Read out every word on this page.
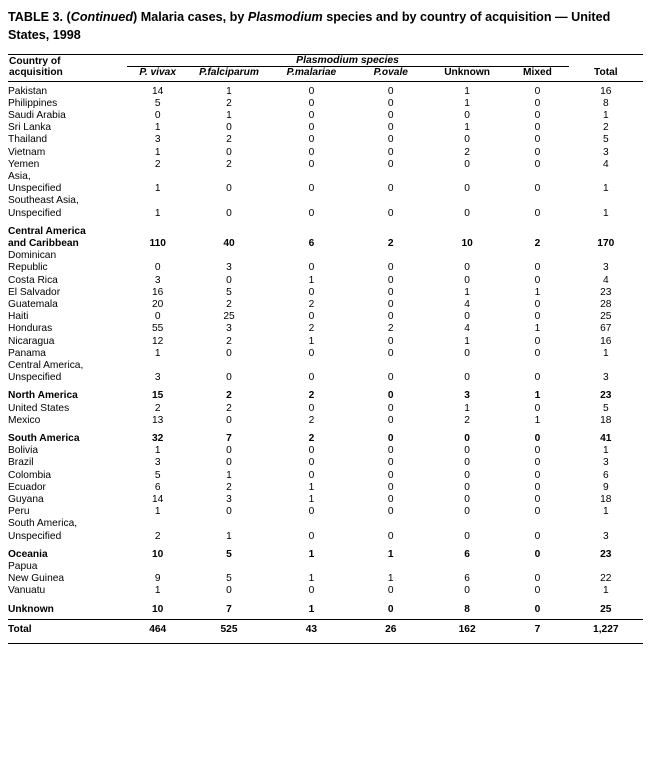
TABLE 3. (Continued) Malaria cases, by Plasmodium species and by country of acquisition — United States, 1998

Country of
acquisition	Plasmodium species						Total
	P. vivax	P.falciparum	P.malariae	P.ovale	Unknown	Mixed	

Pakistan	14	1	0	0	1	0	16
Philippines	5	2	0	0	1	0	8
Saudi Arabia	0	1	0	0	0	0	1
Sri Lanka	1	0	0	0	1	0	2
Thailand	3	2	0	0	0	0	5
Vietnam	1	0	0	0	2	0	3
Yemen	2	2	0	0	0	0	4
Asia,							
Unspecified	1	0	0	0	0	0	1
Southeast Asia,							
Unspecified	1	0	0	0	0	0	1

Central America							
and Caribbean	110	40	6	2	10	2	170
Dominican							
Republic	0	3	0	0	0	0	3
Costa Rica	3	0	1	0	0	0	4
El Salvador	16	5	0	0	1	1	23
Guatemala	20	2	2	0	4	0	28
Haiti	0	25	0	0	0	0	25
Honduras	55	3	2	2	4	1	67
Nicaragua	12	2	1	0	1	0	16
Panama	1	0	0	0	0	0	1
Central America,							
Unspecified	3	0	0	0	0	0	3

North America	15	2	2	0	3	1	23
United States	2	2	0	0	1	0	5
Mexico	13	0	2	0	2	1	18

South America	32	7	2	0	0	0	41
Bolivia	1	0	0	0	0	0	1
Brazil	3	0	0	0	0	0	3
Colombia	5	1	0	0	0	0	6
Ecuador	6	2	1	0	0	0	9
Guyana	14	3	1	0	0	0	18
Peru	1	0	0	0	0	0	1
South America,							
Unspecified	2	1	0	0	0	0	3

Oceania	10	5	1	1	6	0	23
Papua							
New Guinea	9	5	1	1	6	0	22
Vanuatu	1	0	0	0	0	0	1

Unknown	10	7	1	0	8	0	25

Total	464	525	43	26	162	7	1,227
